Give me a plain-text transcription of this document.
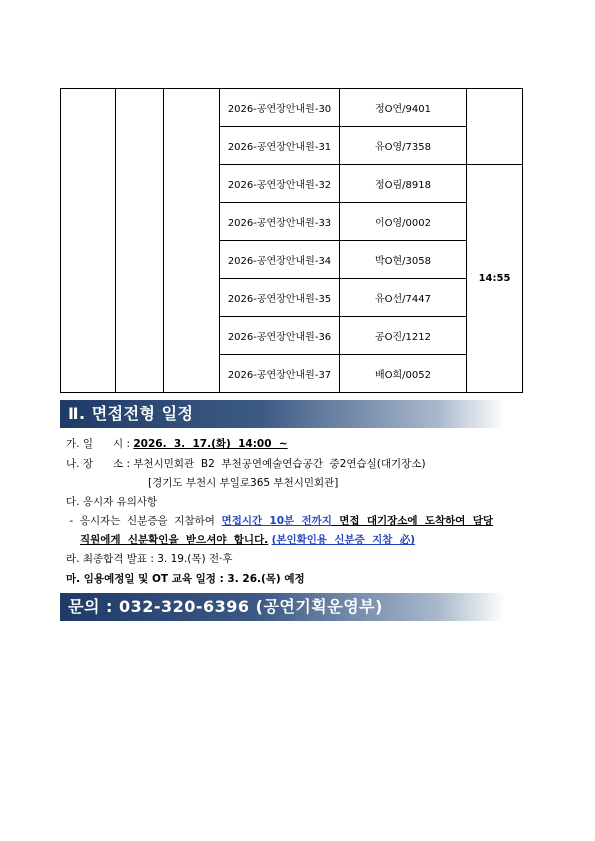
			2026-공연장안내원-30	정O연/9401	
			2026-공연장안내원-31	유O영/7358	
			2026-공연장안내원-32	정O림/8918	14:55
			2026-공연장안내원-33	이O영/0002	
			2026-공연장안내원-34	박O현/3058	
			2026-공연장안내원-35	유O선/7447	
			2026-공연장안내원-36	공O진/1212	
			2026-공연장안내원-37	배O희/0052	
Ⅱ. 면접전형 일정
가. 일      시 : 2026.  3.  17.(화)  14:00  ~
나. 장      소 : 부천시민회관  B2  부천공연예술연습공간  중2연습실(대기장소)
[경기도 부천시 부일로365 부천시민회관]
다. 응시자 유의사항
-  응시자는  신분증을  지참하여  면접시간  10분  전까지  면접  대기장소에  도착하여  담당
직원에게  신분확인을  받으셔야  합니다. (본인확인용  신분증  지참  必)
라. 최종합격 발표 : 3. 19.(목) 전·후
마. 임용예정일 및 OT 교육 일정 : 3. 26.(목) 예정
문의 : 032-320-6396 (공연기획운영부)
